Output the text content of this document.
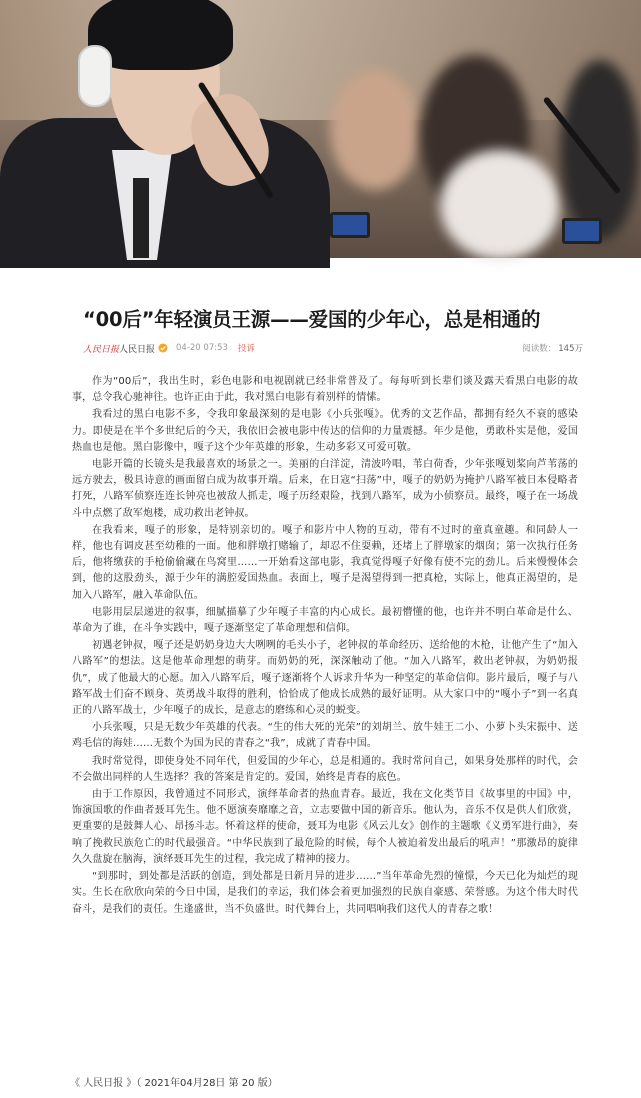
“00后”年轻演员王源——爱国的少年心，总是相通的
人民日报 人民日报 04-20 07:53 投诉	阅读数： 145万

作为“00后”，我出生时，彩色电影和电视剧就已经非常普及了。每每听到长辈们谈及露天看黑白电影的故事，总令我心驰神往。也许正由于此，我对黑白电影有着别样的情愫。

我看过的黑白电影不多，令我印象最深刻的是电影《小兵张嘎》。优秀的文艺作品，都拥有经久不衰的感染力。即使是在半个多世纪后的今天，我依旧会被电影中传达的信仰的力量震撼。年少是他，勇敢朴实是他，爱国热血也是他。黑白影像中，嘎子这个少年英雄的形象，生动多彩又可爱可敬。

电影开篇的长镜头是我最喜欢的场景之一。美丽的白洋淀，清波吟唱，苇白荷香，少年张嘎划桨向芦苇荡的远方驶去，极具诗意的画面留白成为故事开端。后来，在日寇“扫荡”中，嘎子的奶奶为掩护八路军被日本侵略者打死，八路军侦察连连长钟亮也被敌人抓走，嘎子历经艰险，找到八路军，成为小侦察员。最终，嘎子在一场战斗中点燃了敌军炮楼，成功救出老钟叔。

在我看来，嘎子的形象，是特别亲切的。嘎子和影片中人物的互动，带有不过时的童真童趣。和同龄人一样，他也有调皮甚至幼稚的一面。他和胖墩打赌输了，却忍不住耍赖，还堵上了胖墩家的烟囱；第一次执行任务后，他将缴获的手枪偷偷藏在鸟窝里……一开始看这部电影，我真觉得嘎子好像有使不完的劲儿。后来慢慢体会到，他的这股劲头，源于少年的满腔爱国热血。表面上，嘎子是渴望得到一把真枪，实际上，他真正渴望的，是加入八路军，融入革命队伍。

电影用层层递进的叙事，细腻描摹了少年嘎子丰富的内心成长。最初懵懂的他，也许并不明白革命是什么、革命为了谁，在斗争实践中，嘎子逐渐坚定了革命理想和信仰。

初遇老钟叔，嘎子还是奶奶身边大大咧咧的毛头小子，老钟叔的革命经历、送给他的木枪，让他产生了“加入八路军”的想法。这是他革命理想的萌芽。而奶奶的死，深深触动了他。“加入八路军，救出老钟叔，为奶奶报仇”，成了他最大的心愿。加入八路军后，嘎子逐渐将个人诉求升华为一种坚定的革命信仰。影片最后，嘎子与八路军战士们奋不顾身、英勇战斗取得的胜利，恰恰成了他成长成熟的最好证明。从大家口中的“嘎小子”到一名真正的八路军战士，少年嘎子的成长，是意志的磨练和心灵的蜕变。

小兵张嘎，只是无数少年英雄的代表。“生的伟大死的光荣”的刘胡兰、放牛娃王二小、小萝卜头宋振中、送鸡毛信的海娃……无数个为国为民的青春之“我”，成就了青春中国。

我时常觉得，即使身处不同年代，但爱国的少年心，总是相通的。我时常问自己，如果身处那样的时代，会不会做出同样的人生选择？我的答案是肯定的。爱国，始终是青春的底色。

由于工作原因，我曾通过不同形式，演绎革命者的热血青春。最近，我在文化类节目《故事里的中国》中，饰演国歌的作曲者聂耳先生。他不愿演奏靡靡之音，立志要做中国的新音乐。他认为，音乐不仅是供人们欣赏，更重要的是鼓舞人心、昂扬斗志。怀着这样的使命，聂耳为电影《风云儿女》创作的主题歌《义勇军进行曲》，奏响了挽救民族危亡的时代最强音。“中华民族到了最危险的时候，每个人被迫着发出最后的吼声！”那激昂的旋律久久盘旋在脑海，演绎聂耳先生的过程，我完成了精神的接力。

“到那时，到处都是活跃的创造，到处都是日新月异的进步……”当年革命先烈的憧憬，今天已化为灿烂的现实。生长在欣欣向荣的今日中国，是我们的幸运，我们体会着更加强烈的民族自豪感、荣誉感。为这个伟大时代奋斗，是我们的责任。生逢盛世，当不负盛世。时代舞台上，共同唱响我们这代人的青春之歌！

《 人民日报 》（ 2021年04月28日 第 20 版）
